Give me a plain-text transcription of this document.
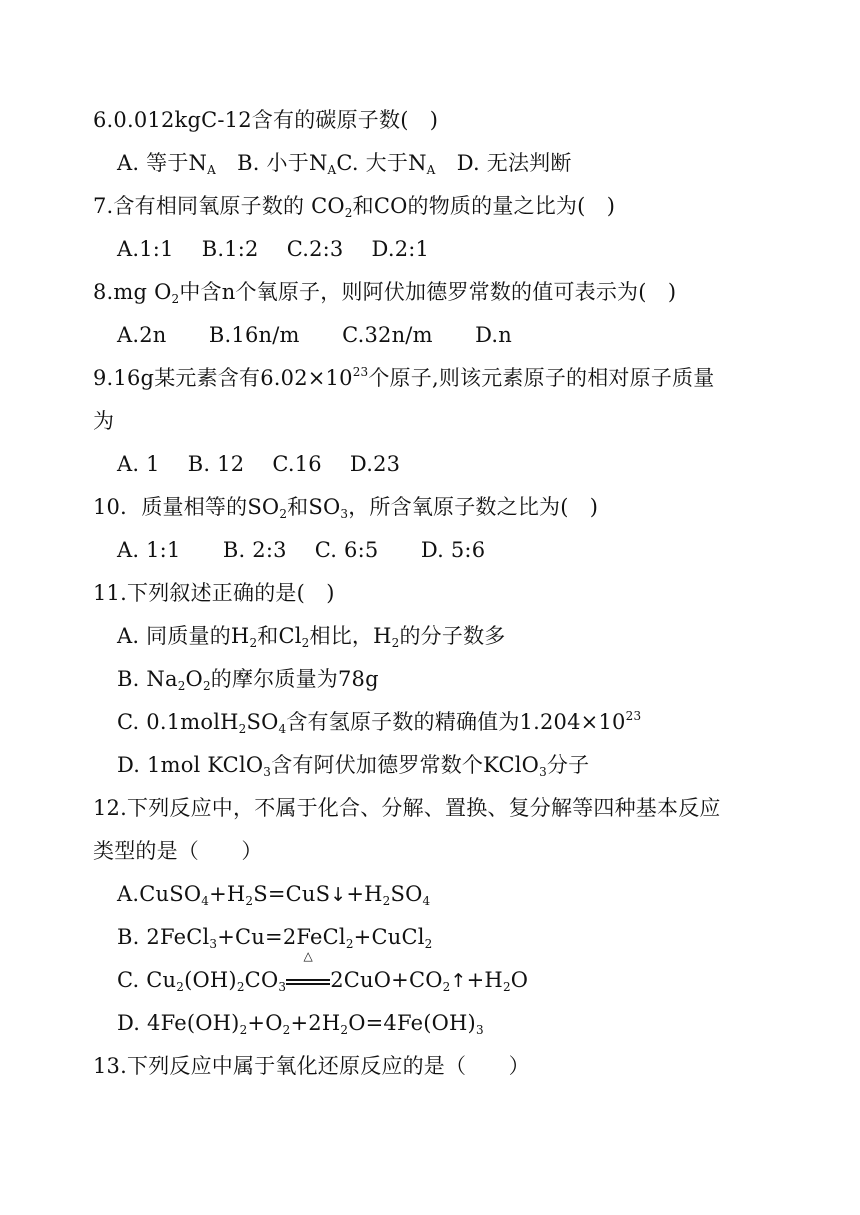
6.0.012kgC-12含有的碳原子数(　)
A. 等于$N_A$　B. 小于$N_AC$. 大于$N_A$　D. 无法判断
7.含有相同氧原子数的 $CO_2$和CO的物质的量之比为(　)
A.1:1　 B.1:2　 C.2:3　 D.2:1
8.mg $O_2$中含n个氧原子，则阿伏加德罗常数的值可表示为(　)
A.2n　　B.16n/m　　C.32n/m　　D.n
9.16g某元素含有$6.02\times 10^{23}$个原子,则该元素原子的相对原子质量
为
A. 1　 B. 12　 C.16　 D.23
10．质量相等的$SO_2$和$SO_3$，所含氧原子数之比为(　)
A. 1:1　　B. 2:3　 C. 6:5　　D. 5:6
11.下列叙述正确的是(　)
A. 同质量的$H_2$和$Cl_2$相比，$H_2$的分子数多
B. $Na_2O_2$的摩尔质量为78g
C. $0.1molH_2SO_4$含有氢原子数的精确值为$1.204\times 10^{23}$
D. 1mol KClO$_3$含有阿伏加德罗常数个KClO$_3$分子
12.下列反应中，不属于化合、分解、置换、复分解等四种基本反应
类型的是（　　）
$A.CuSO_4+H_2S=CuS↓+H_2SO_4$
B. 2FeCl$_3$+Cu=2FeCl$_2$+CuCl$_2$
C. $Cu_2(OH)_2CO_3$
△
$2CuO+CO_2↑+H_2O$
D. $4Fe(OH)_2+O_2+2H_2O=4Fe(OH)_3$
13.下列反应中属于氧化还原反应的是（　　）
